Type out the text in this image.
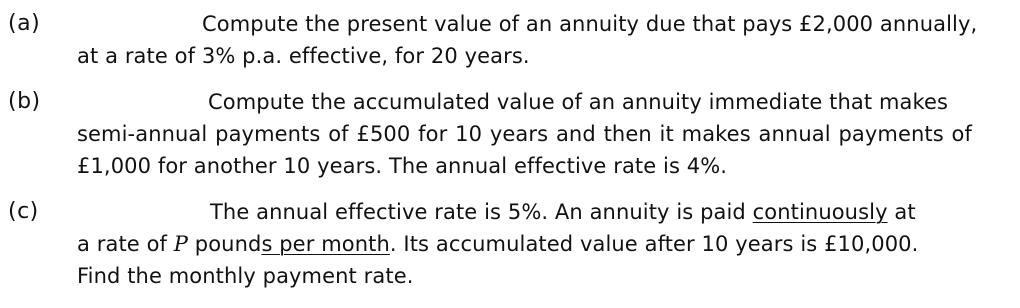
(a)	Compute the present value of an annuity due that pays £2,000 annually,
at a rate of 3% p.a. effective, for 20 years.
(b)	Compute the accumulated value of an annuity immediate that makes
semi-annual payments of £500 for 10 years and then it makes annual payments of
£1,000 for another 10 years. The annual effective rate is 4%.
(c)	The annual effective rate is 5%. An annuity is paid continuously at
a rate of P pounds per month. Its accumulated value after 10 years is £10,000.
Find the monthly payment rate.
